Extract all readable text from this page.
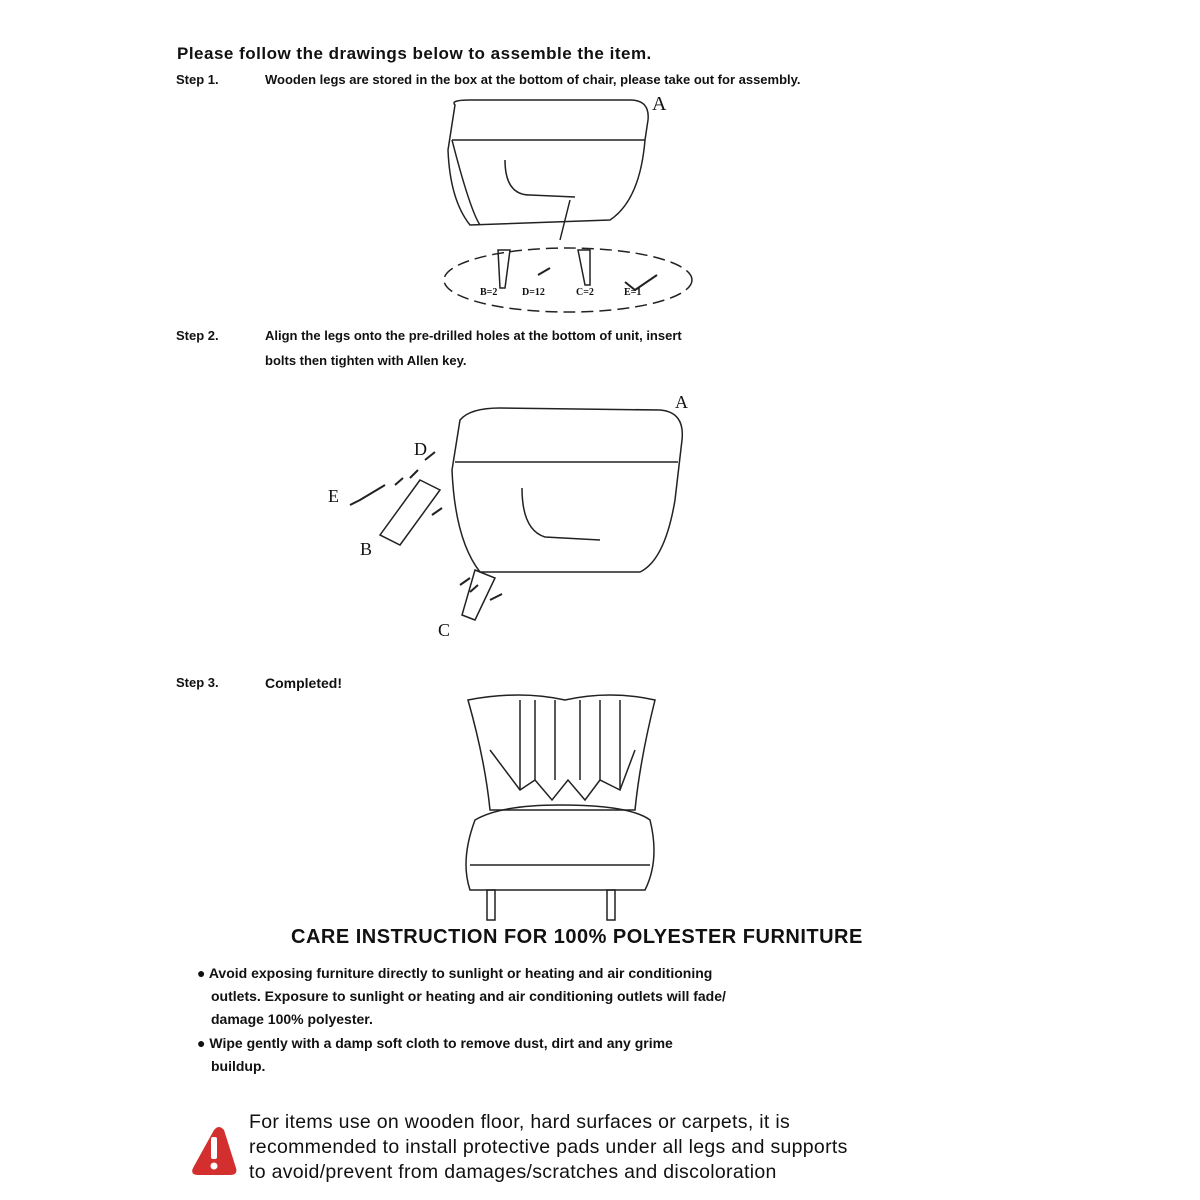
Please follow the drawings below to assemble the item.
Step 1.	Wooden legs are stored in the box at the bottom of chair, please take out for assembly.
A
B=2 D=12	C=2	E=1
A
D
E
B
C
Step 2.	Align the legs onto the pre-drilled holes at the bottom of unit, insert
bolts then tighten with Allen key.
Step 3.	Completed!
CARE INSTRUCTION FOR 100% POLYESTER FURNITURE
● Avoid exposing furniture directly to sunlight or heating and air conditioning
outlets. Exposure to sunlight or heating and air conditioning outlets will fade/
damage 100% polyester.
● Wipe gently with a damp soft cloth to remove dust, dirt and any grime
buildup.
For items use on wooden floor, hard surfaces or carpets, it is
recommended to install protective pads under all legs and supports
to avoid/prevent from damages/scratches and discoloration
